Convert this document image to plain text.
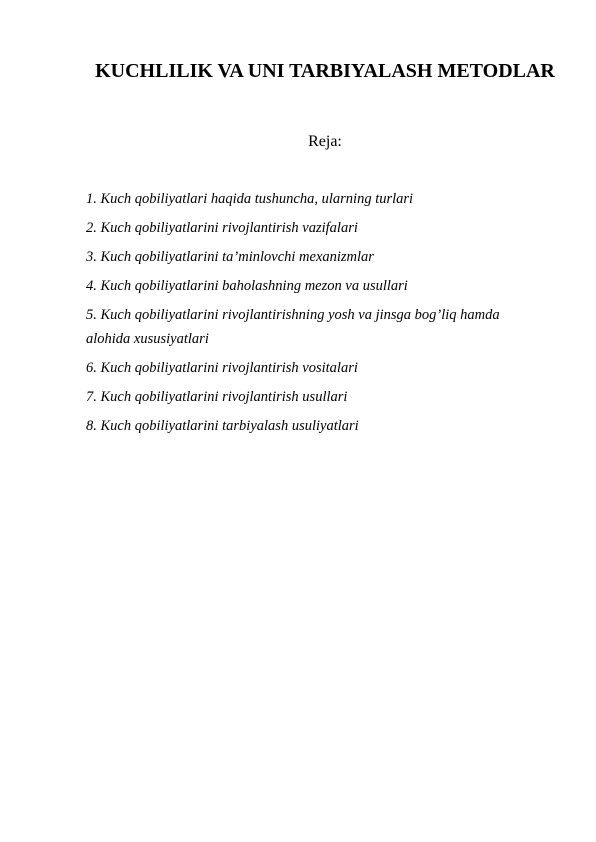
KUCHLILIK VA UNI TARBIYALASH METODLAR

Reja:

1. Kuch qobiliyatlari haqida tushuncha, ularning turlari
2. Kuch qobiliyatlarini rivojlantirish vazifalari
3. Kuch qobiliyatlarini ta’minlovchi mexanizmlar
4. Kuch qobiliyatlarini baholashning mezon va usullari
5. Kuch qobiliyatlarini rivojlantirishning yosh va jinsga bog’liq hamda alohida xususiyatlari
6. Kuch qobiliyatlarini rivojlantirish vositalari
7. Kuch qobiliyatlarini rivojlantirish usullari
8. Kuch qobiliyatlarini tarbiyalash usuliyatlari
